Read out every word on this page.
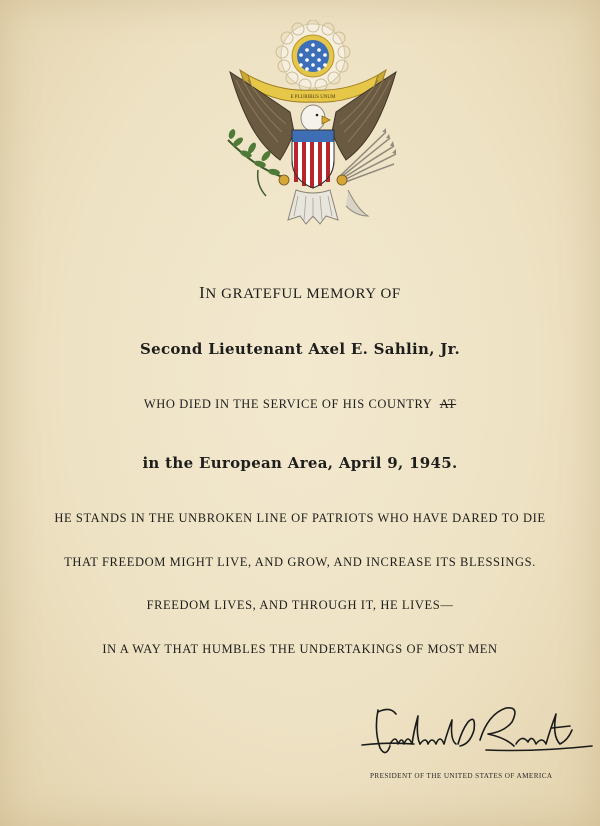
E PLURIBUS UNUM
IN GRATEFUL MEMORY OF
Second Lieutenant Axel E. Sahlin, Jr.
WHO DIED IN THE SERVICE OF HIS COUNTRY AT
in the European Area, April 9, 1945.
HE STANDS IN THE UNBROKEN LINE OF PATRIOTS WHO HAVE DARED TO DIE
THAT FREEDOM MIGHT LIVE, AND GROW, AND INCREASE ITS BLESSINGS.
FREEDOM LIVES, AND THROUGH IT, HE LIVES—
IN A WAY THAT HUMBLES THE UNDERTAKINGS OF MOST MEN
PRESIDENT OF THE UNITED STATES OF AMERICA
